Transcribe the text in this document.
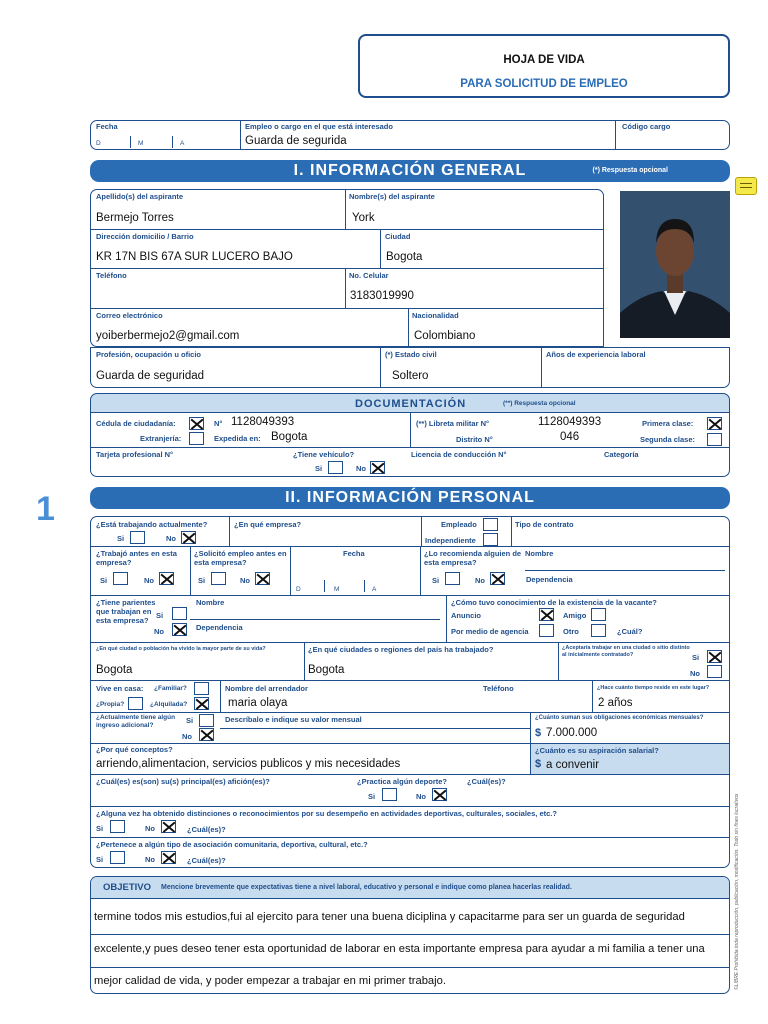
HOJA DE VIDA
PARA SOLICITUD DE EMPLEO
1
Fecha
D	M	A
Empleo o cargo en el que está interesado
Guarda de segurida
Código cargo
I. INFORMACIÓN GENERAL	(*) Respuesta opcional
Apellido(s) del aspirante
Bermejo Torres
Nombre(s) del aspirante
York
Dirección domicilio / Barrio
KR 17N BIS 67A SUR LUCERO BAJO
Ciudad
Bogota
Teléfono	No. Celular
3183019990
Correo electrónico
yoiberbermejo2@gmail.com
Nacionalidad
Colombiano
Profesión, ocupación u oficio
Guarda de seguridad
(*) Estado civil
Soltero
Años de experiencia laboral
DOCUMENTACIÓN	(**) Respuesta opcional
Cédula de ciudadanía:	N° 1128049393
Extranjería:	Expedida en: Bogota
(**) Libreta militar N°	1128049393
Distrito N°	046
Primera clase:
Segunda clase:
Tarjeta profesional N°	¿Tiene vehículo?
Si	No
Licencia de conducción N°	Categoría
II. INFORMACIÓN PERSONAL
¿Está trabajando actualmente?
Si	No
¿En qué empresa?	Empleado
Independiente
Tipo de contrato
¿Trabajó antes en esta empresa?
Si	No
¿Solicitó empleo antes en esta empresa?
Si	No
Fecha
D	M	A
¿Lo recomienda alguien de esta empresa?
Nombre
Si	No	Dependencia
¿Tiene parientes que trabajan en esta empresa?
Si
No
Nombre
Dependencia
¿Cómo tuvo conocimiento de la existencia de la vacante?
Anuncio	Amigo
Por medio de agencia	Otro	¿Cuál?
¿En qué ciudad o población ha vivido la mayor parte de su vida?
Bogota
¿En qué ciudades o regiones del país ha trabajado?
Bogota
¿Aceptaría trabajar en una ciudad o sitio distinto al inicialmente contratado?	Si
No
Vive en casa: ¿Familiar?
¿Propia?	¿Alquilada?
Nombre del arrendador
maria olaya
Teléfono	¿Hace cuánto tiempo reside en este lugar?
2 años
¿Actualmente tiene algún ingreso adicional?
Si
No
Descríbalo e indique su valor mensual	¿Cuánto suman sus obligaciones económicas mensuales?
$ 7.000.000
¿Por qué conceptos?
arriendo,alimentacion, servicios publicos y mis necesidades
¿Cuánto es su aspiración salarial?
$ a convenir
¿Cuál(es) es(son) su(s) principal(es) afición(es)?	¿Practica algún deporte?
Si	No
¿Cuál(es)?
¿Alguna vez ha obtenido distinciones o reconocimientos por su desempeño en actividades deportivas, culturales, sociales, etc.?
Si	No	¿Cuál(es)?
¿Pertenece a algún tipo de asociación comunitaria, deportiva, cultural, etc.?
Si	No	¿Cuál(es)?
OBJETIVO Mencione brevemente que expectativas tiene a nivel laboral, educativo y personal e indique como planea hacerlas realidad.
termine todos mis estudios,fui al ejercito para tener una buena diciplina y capacitarme para ser un guarda de seguridad
excelente,y pues deseo tener esta oportunidad de laborar en esta importante empresa para ayudar a mi familia a tener una
mejor calidad de vida, y poder empezar a trabajar en mi primer trabajo.	©LIBRE Prohibida toda reproducción, publicación, modificación. Todo sin fines lucrativos
